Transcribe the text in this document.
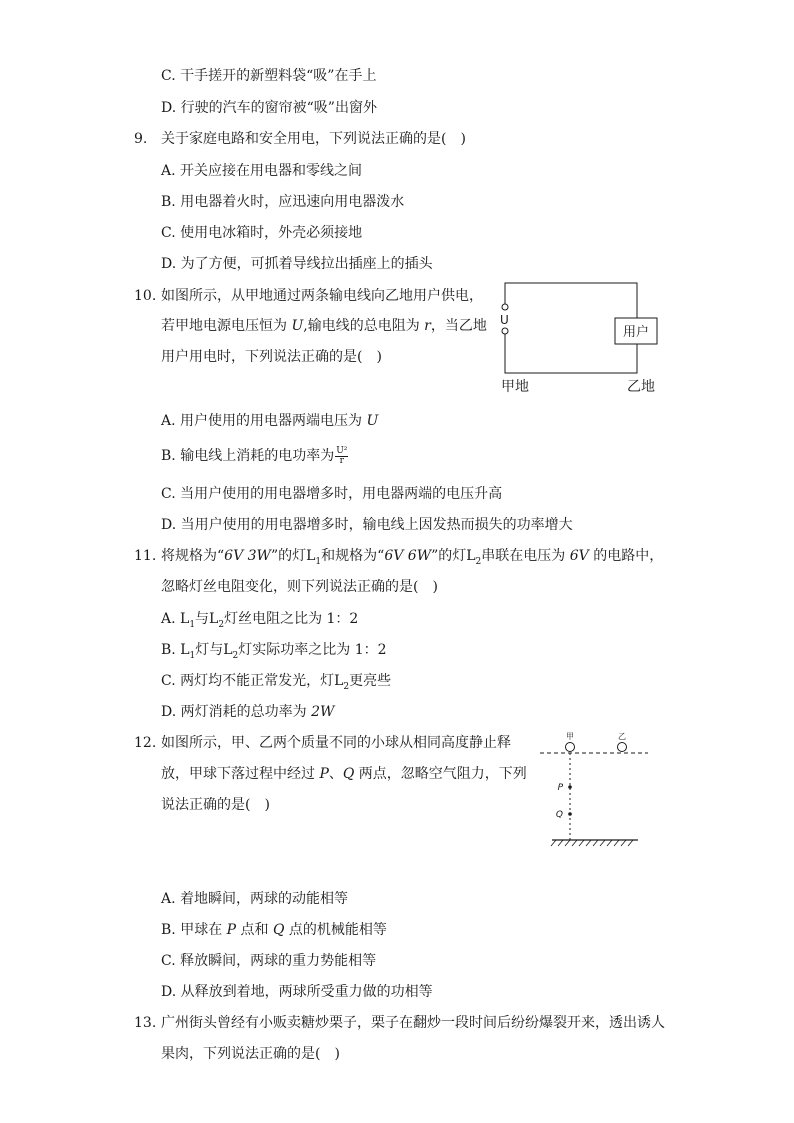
C. 干手搓开的新塑料袋“吸”在手上
D. 行驶的汽车的窗帘被“吸”出窗外
9. 关于家庭电路和安全用电，下列说法正确的是(　)
A. 开关应接在用电器和零线之间
B. 用电器着火时，应迅速向用电器泼水
C. 使用电冰箱时，外壳必须接地
D. 为了方便，可抓着导线拉出插座上的插头
10. 如图所示，从甲地通过两条输电线向乙地用户供电，
若甲地电源电压恒为 U,输电线的总电阻为 r，当乙地
用户用电时，下列说法正确的是(　)
U
用户
甲地	乙地
A. 用户使用的用电器两端电压为 U
B. 输电线上消耗的电功率为 $\frac{\text{U²}}{r}$
C. 当用户使用的用电器增多时，用电器两端的电压升高
D. 当用户使用的用电器增多时，输电线上因发热而损失的功率增大
11. 将规格为“6V 3W”的灯$L_1$和规格为“6V 6W”的灯$L_2$串联在电压为 6V 的电路中，
忽略灯丝电阻变化，则下列说法正确的是(　)
A. $L_1$与$L_2$灯丝电阻之比为 1：2
B. $L_1$灯与$L_2$灯实际功率之比为 1：2
C. 两灯均不能正常发光，灯$L_2$更亮些
D. 两灯消耗的总功率为 2W
12. 如图所示，甲、乙两个质量不同的小球从相同高度静止释
放，甲球下落过程中经过 P、Q 两点，忽略空气阻力，下列
说法正确的是(　)
甲	乙
P
Q
A. 着地瞬间，两球的动能相等
B. 甲球在 P 点和 Q 点的机械能相等
C. 释放瞬间，两球的重力势能相等
D. 从释放到着地，两球所受重力做的功相等
13. 广州街头曾经有小贩卖糖炒栗子，栗子在翻炒一段时间后纷纷爆裂开来，透出诱人
果肉，下列说法正确的是(　)
